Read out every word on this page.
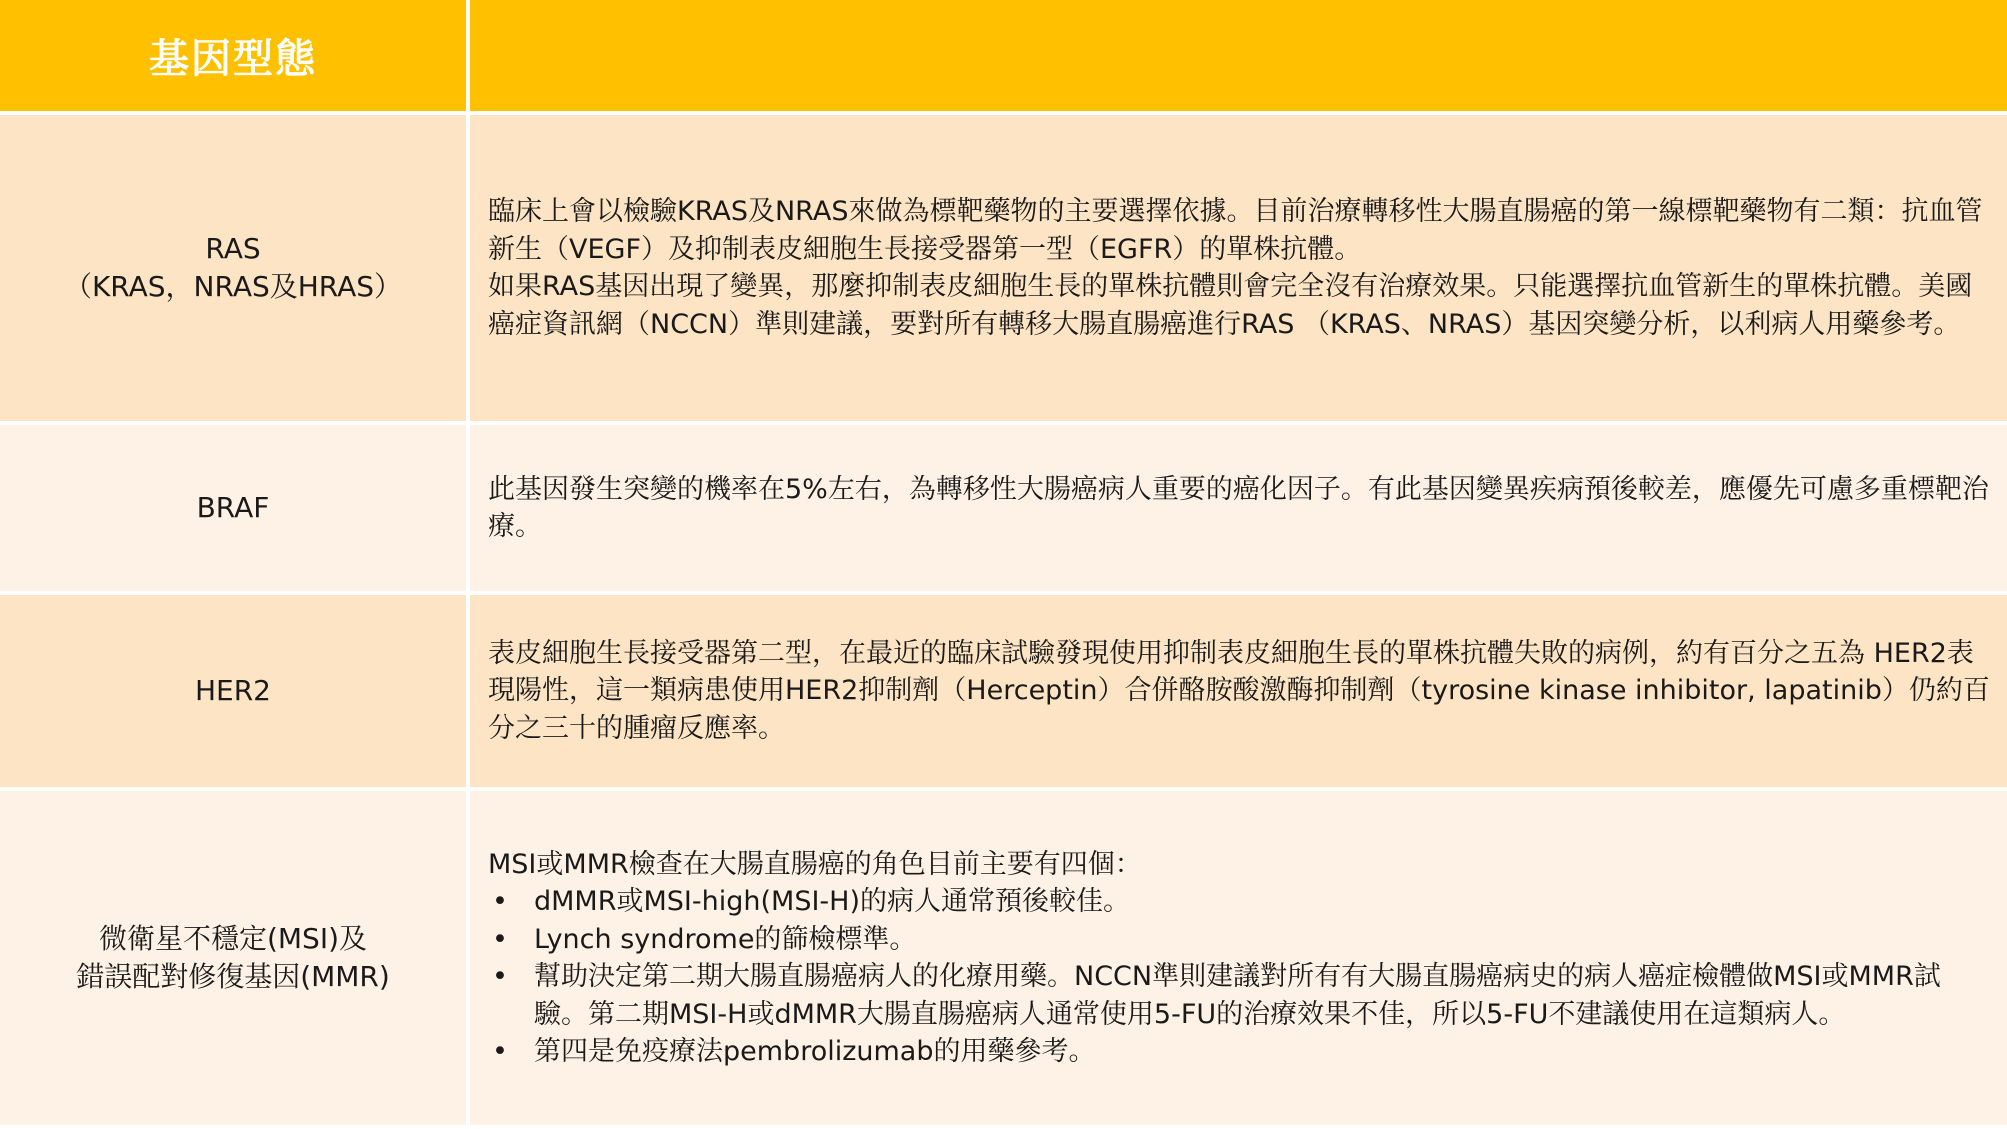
基因型態
RAS
（KRAS，NRAS及HRAS）

臨床上會以檢驗KRAS及NRAS來做為標靶藥物的主要選擇依據。目前治療轉移性大腸直腸癌的第一線標靶藥物有二類：抗血管新生（VEGF）及抑制表皮細胞生長接受器第一型（EGFR）的單株抗體。

如果RAS基因出現了變異，那麼抑制表皮細胞生長的單株抗體則會完全沒有治療效果。只能選擇抗血管新生的單株抗體。美國癌症資訊網（NCCN）準則建議，要對所有轉移大腸直腸癌進行RAS （KRAS、NRAS）基因突變分析，以利病人用藥參考。

BRAF

此基因發生突變的機率在5%左右，為轉移性大腸癌病人重要的癌化因子。有此基因變異疾病預後較差，應優先可慮多重標靶治療。

HER2

表皮細胞生長接受器第二型，在最近的臨床試驗發現使用抑制表皮細胞生長的單株抗體失敗的病例，約有百分之五為 HER2表現陽性，這一類病患使用HER2抑制劑（Herceptin）合併酪胺酸激酶抑制劑（tyrosine kinase inhibitor, lapatinib）仍約百分之三十的腫瘤反應率。

微衛星不穩定(MSI)及
錯誤配對修復基因(MMR)

MSI或MMR檢查在大腸直腸癌的角色目前主要有四個：

• dMMR或MSI-high(MSI-H)的病人通常預後較佳。
• Lynch syndrome的篩檢標準。
• 幫助決定第二期大腸直腸癌病人的化療用藥。NCCN準則建議對所有有大腸直腸癌病史的病人癌症檢體做MSI或MMR試驗。第二期MSI-H或dMMR大腸直腸癌病人通常使用5-FU的治療效果不佳，所以5-FU不建議使用在這類病人。
• 第四是免疫療法pembrolizumab的用藥參考。
